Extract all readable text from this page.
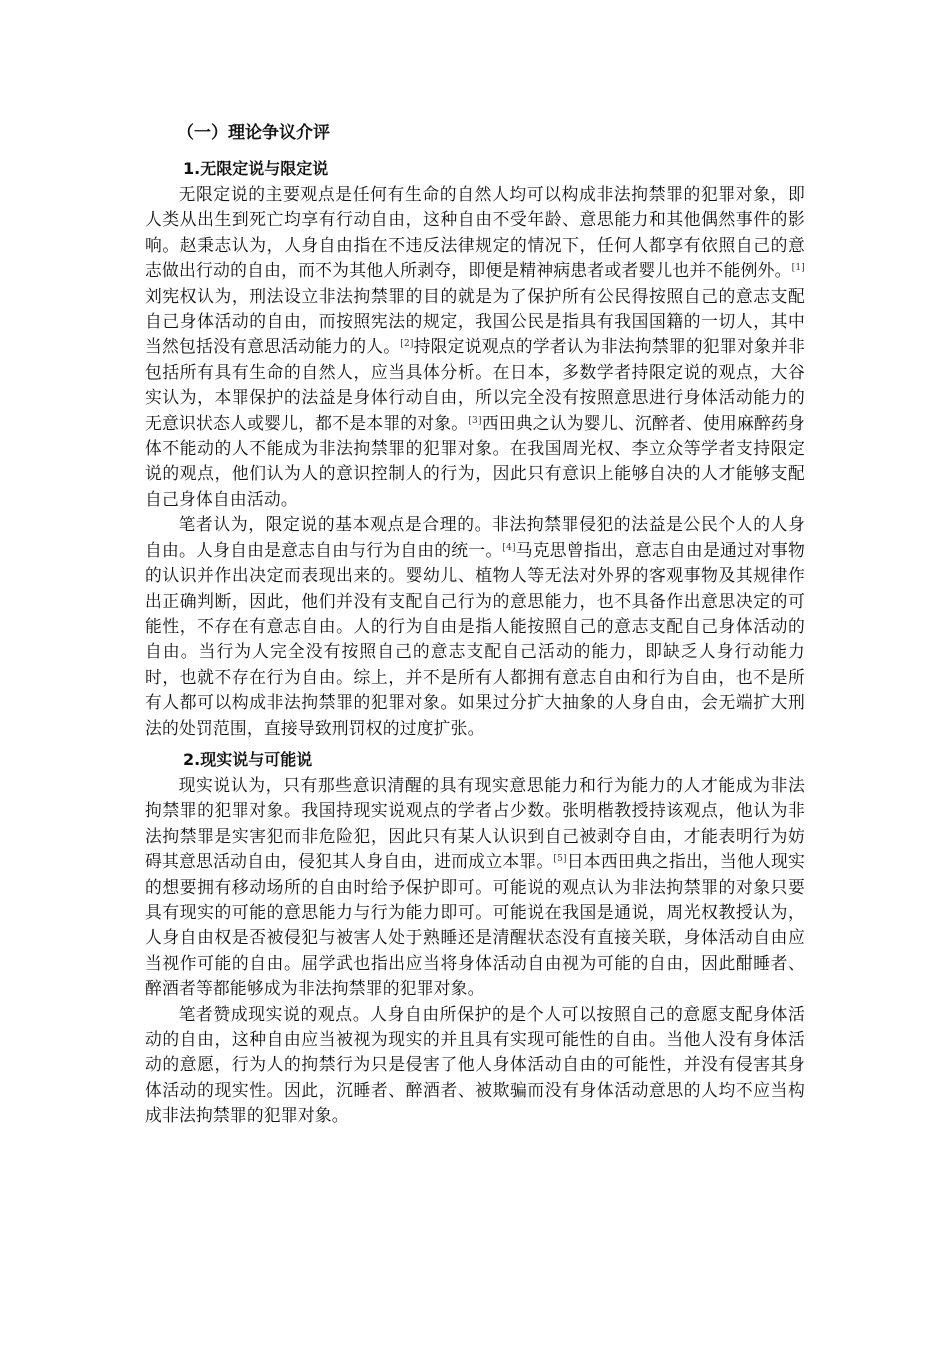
（一）理论争议介评
1.无限定说与限定说

无限定说的主要观点是任何有生命的自然人均可以构成非法拘禁罪的犯罪对象，即人类从出生到死亡均享有行动自由，这种自由不受年龄、意思能力和其他偶然事件的影响。赵秉志认为，人身自由指在不违反法律规定的情况下，任何人都享有依照自己的意志做出行动的自由，而不为其他人所剥夺，即便是精神病患者或者婴儿也并不能例外。[1]刘宪权认为，刑法设立非法拘禁罪的目的就是为了保护所有公民得按照自己的意志支配自己身体活动的自由，而按照宪法的规定，我国公民是指具有我国国籍的一切人，其中当然包括没有意思活动能力的人。[2]持限定说观点的学者认为非法拘禁罪的犯罪对象并非包括所有具有生命的自然人，应当具体分析。在日本，多数学者持限定说的观点，大谷实认为，本罪保护的法益是身体行动自由，所以完全没有按照意思进行身体活动能力的无意识状态人或婴儿，都不是本罪的对象。[3]西田典之认为婴儿、沉醉者、使用麻醉药身体不能动的人不能成为非法拘禁罪的犯罪对象。在我国周光权、李立众等学者支持限定说的观点，他们认为人的意识控制人的行为，因此只有意识上能够自决的人才能够支配自己身体自由活动。

笔者认为，限定说的基本观点是合理的。非法拘禁罪侵犯的法益是公民个人的人身自由。人身自由是意志自由与行为自由的统一。[4]马克思曾指出，意志自由是通过对事物的认识并作出决定而表现出来的。婴幼儿、植物人等无法对外界的客观事物及其规律作出正确判断，因此，他们并没有支配自己行为的意思能力，也不具备作出意思决定的可能性，不存在有意志自由。人的行为自由是指人能按照自己的意志支配自己身体活动的自由。当行为人完全没有按照自己的意志支配自己活动的能力，即缺乏人身行动能力时，也就不存在行为自由。综上，并不是所有人都拥有意志自由和行为自由，也不是所有人都可以构成非法拘禁罪的犯罪对象。如果过分扩大抽象的人身自由，会无端扩大刑法的处罚范围，直接导致刑罚权的过度扩张。

2.现实说与可能说

现实说认为，只有那些意识清醒的具有现实意思能力和行为能力的人才能成为非法拘禁罪的犯罪对象。我国持现实说观点的学者占少数。张明楷教授持该观点，他认为非法拘禁罪是实害犯而非危险犯，因此只有某人认识到自己被剥夺自由，才能表明行为妨碍其意思活动自由，侵犯其人身自由，进而成立本罪。[5]日本西田典之指出，当他人现实的想要拥有移动场所的自由时给予保护即可。可能说的观点认为非法拘禁罪的对象只要具有现实的可能的意思能力与行为能力即可。可能说在我国是通说，周光权教授认为，人身自由权是否被侵犯与被害人处于熟睡还是清醒状态没有直接关联，身体活动自由应当视作可能的自由。屈学武也指出应当将身体活动自由视为可能的自由，因此酣睡者、醉酒者等都能够成为非法拘禁罪的犯罪对象。

笔者赞成现实说的观点。人身自由所保护的是个人可以按照自己的意愿支配身体活动的自由，这种自由应当被视为现实的并且具有实现可能性的自由。当他人没有身体活动的意愿，行为人的拘禁行为只是侵害了他人身体活动自由的可能性，并没有侵害其身体活动的现实性。因此，沉睡者、醉酒者、被欺骗而没有身体活动意思的人均不应当构成非法拘禁罪的犯罪对象。
